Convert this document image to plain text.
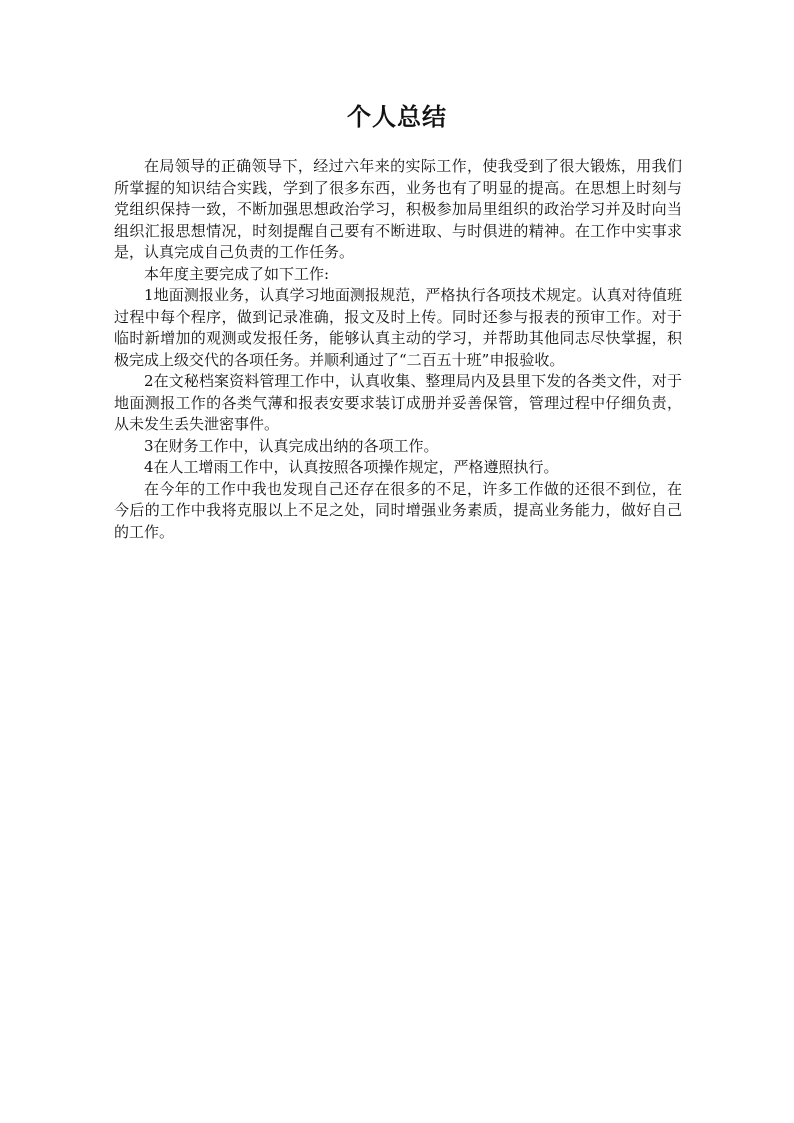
个人总结

在局领导的正确领导下，经过六年来的实际工作，使我受到了很大锻炼，用我们所掌握的知识结合实践，学到了很多东西，业务也有了明显的提高。在思想上时刻与党组织保持一致，不断加强思想政治学习，积极参加局里组织的政治学习并及时向当组织汇报思想情况，时刻提醒自己要有不断进取、与时俱进的精神。在工作中实事求是，认真完成自己负责的工作任务。

本年度主要完成了如下工作:

1地面测报业务，认真学习地面测报规范，严格执行各项技术规定。认真对待值班过程中每个程序，做到记录准确，报文及时上传。同时还参与报表的预审工作。对于临时新增加的观测或发报任务，能够认真主动的学习，并帮助其他同志尽快掌握，积极完成上级交代的各项任务。并顺利通过了“二百五十班”申报验收。

2在文秘档案资料管理工作中，认真收集、整理局内及县里下发的各类文件，对于地面测报工作的各类气薄和报表安要求装订成册并妥善保管，管理过程中仔细负责，从未发生丢失泄密事件。

3在财务工作中，认真完成出纳的各项工作。

4在人工增雨工作中，认真按照各项操作规定，严格遵照执行。

在今年的工作中我也发现自己还存在很多的不足，许多工作做的还很不到位，在今后的工作中我将克服以上不足之处，同时增强业务素质，提高业务能力，做好自己的工作。
